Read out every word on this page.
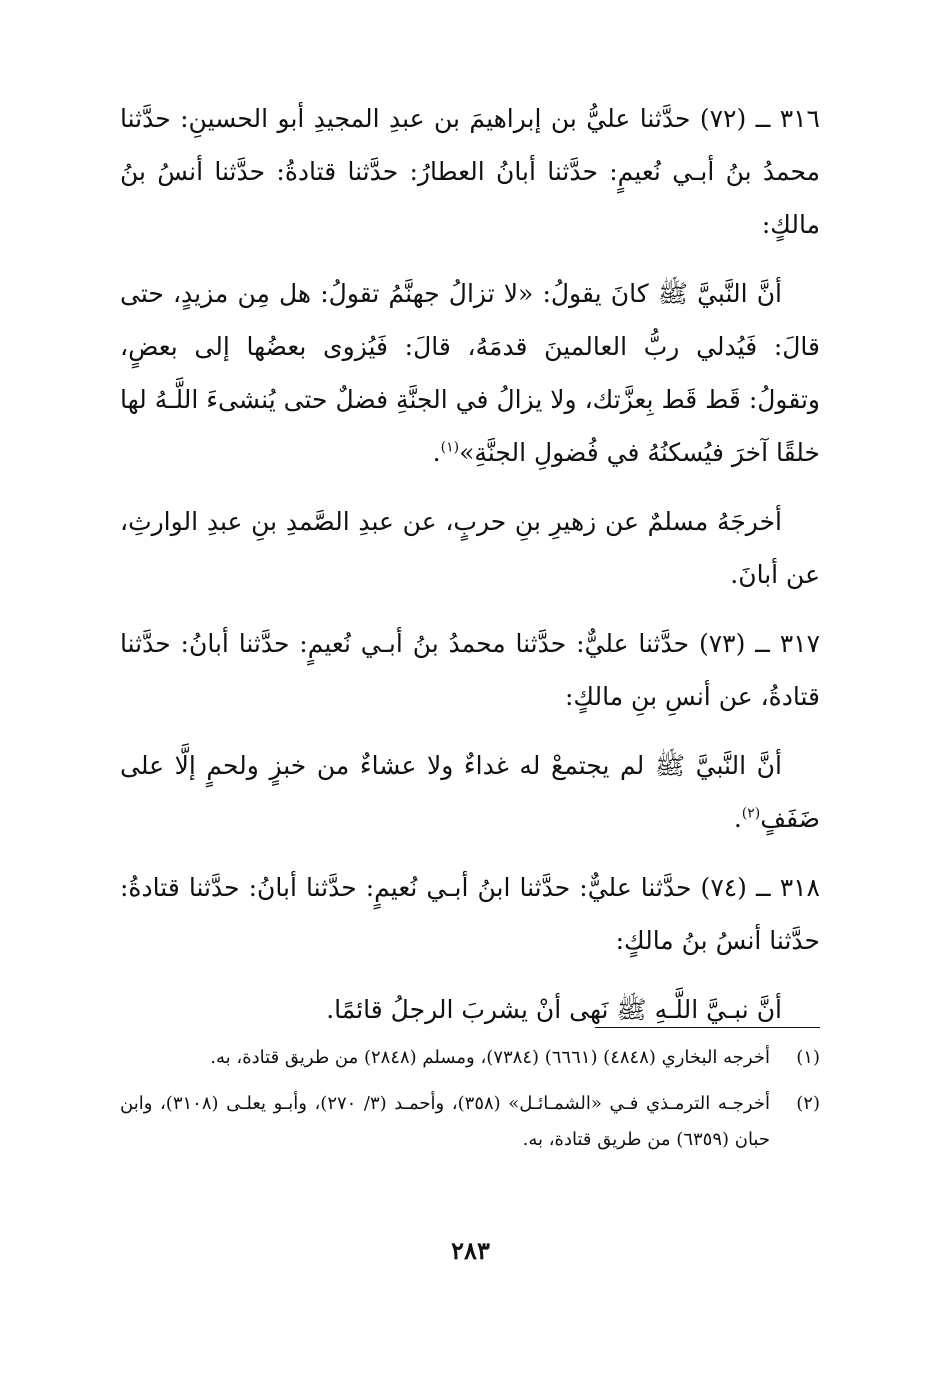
٣١٦ ــ (٧٢) حدَّثنا عليُّ بن إبراهيمَ بن عبدِ المجيدِ أبو الحسينِ: حدَّثنا محمدُ بنُ أبـي نُعيمٍ: حدَّثنا أبانُ العطارُ: حدَّثنا قتادةُ: حدَّثنا أنسُ بنُ مالكٍ:

أنَّ النَّبيَّ ﷺ كانَ يقولُ: «لا تزالُ جهنَّمُ تقولُ: هل مِن مزيدٍ، حتى قالَ: فَيُدلي ربُّ العالمينَ قدمَهُ، قالَ: فَيُزوى بعضُها إلى بعضٍ، وتقولُ: قَط قَط بِعزَّتك، ولا يزالُ في الجنَّةِ فضلٌ حتى يُنشىءَ اللَّـهُ لها خلقًا آخرَ فيُسكنُهُ في فُضولِ الجنَّةِ»$^{(١)}$.

أخرجَهُ مسلمٌ عن زهيرِ بنِ حربٍ، عن عبدِ الصَّمدِ بنِ عبدِ الوارثِ، عن أبانَ.

٣١٧ ــ (٧٣) حدَّثنا عليٌّ: حدَّثنا محمدُ بنُ أبـي نُعيمٍ: حدَّثنا أبانُ: حدَّثنا قتادةُ، عن أنسِ بنِ مالكٍ:

أنَّ النَّبيَّ ﷺ لم يجتمعْ له غداءٌ ولا عشاءٌ من خبزٍ ولحمٍ إلَّا على ضَفَفٍ$^{(٢)}$.

٣١٨ ــ (٧٤) حدَّثنا عليٌّ: حدَّثنا ابنُ أبـي نُعيمٍ: حدَّثنا أبانُ: حدَّثنا قتادةُ: حدَّثنا أنسُ بنُ مالكٍ:

أنَّ نبـيَّ اللَّـهِ ﷺ نَهى أنْ يشربَ الرجلُ قائمًا.

(١)
أخرجه البخاري (٤٨٤٨) (٦٦٦١) (٧٣٨٤)، ومسلم (٢٨٤٨) من طريق قتادة، به.
(٢)
أخرجـه الترمـذي فـي «الشمـائـل» (٣٥٨)، وأحمـد (٣/ ٢٧٠)، وأبـو يعلـى (٣١٠٨)، وابن حبان (٦٣٥٩) من طريق قتادة، به.
٢٨٣
